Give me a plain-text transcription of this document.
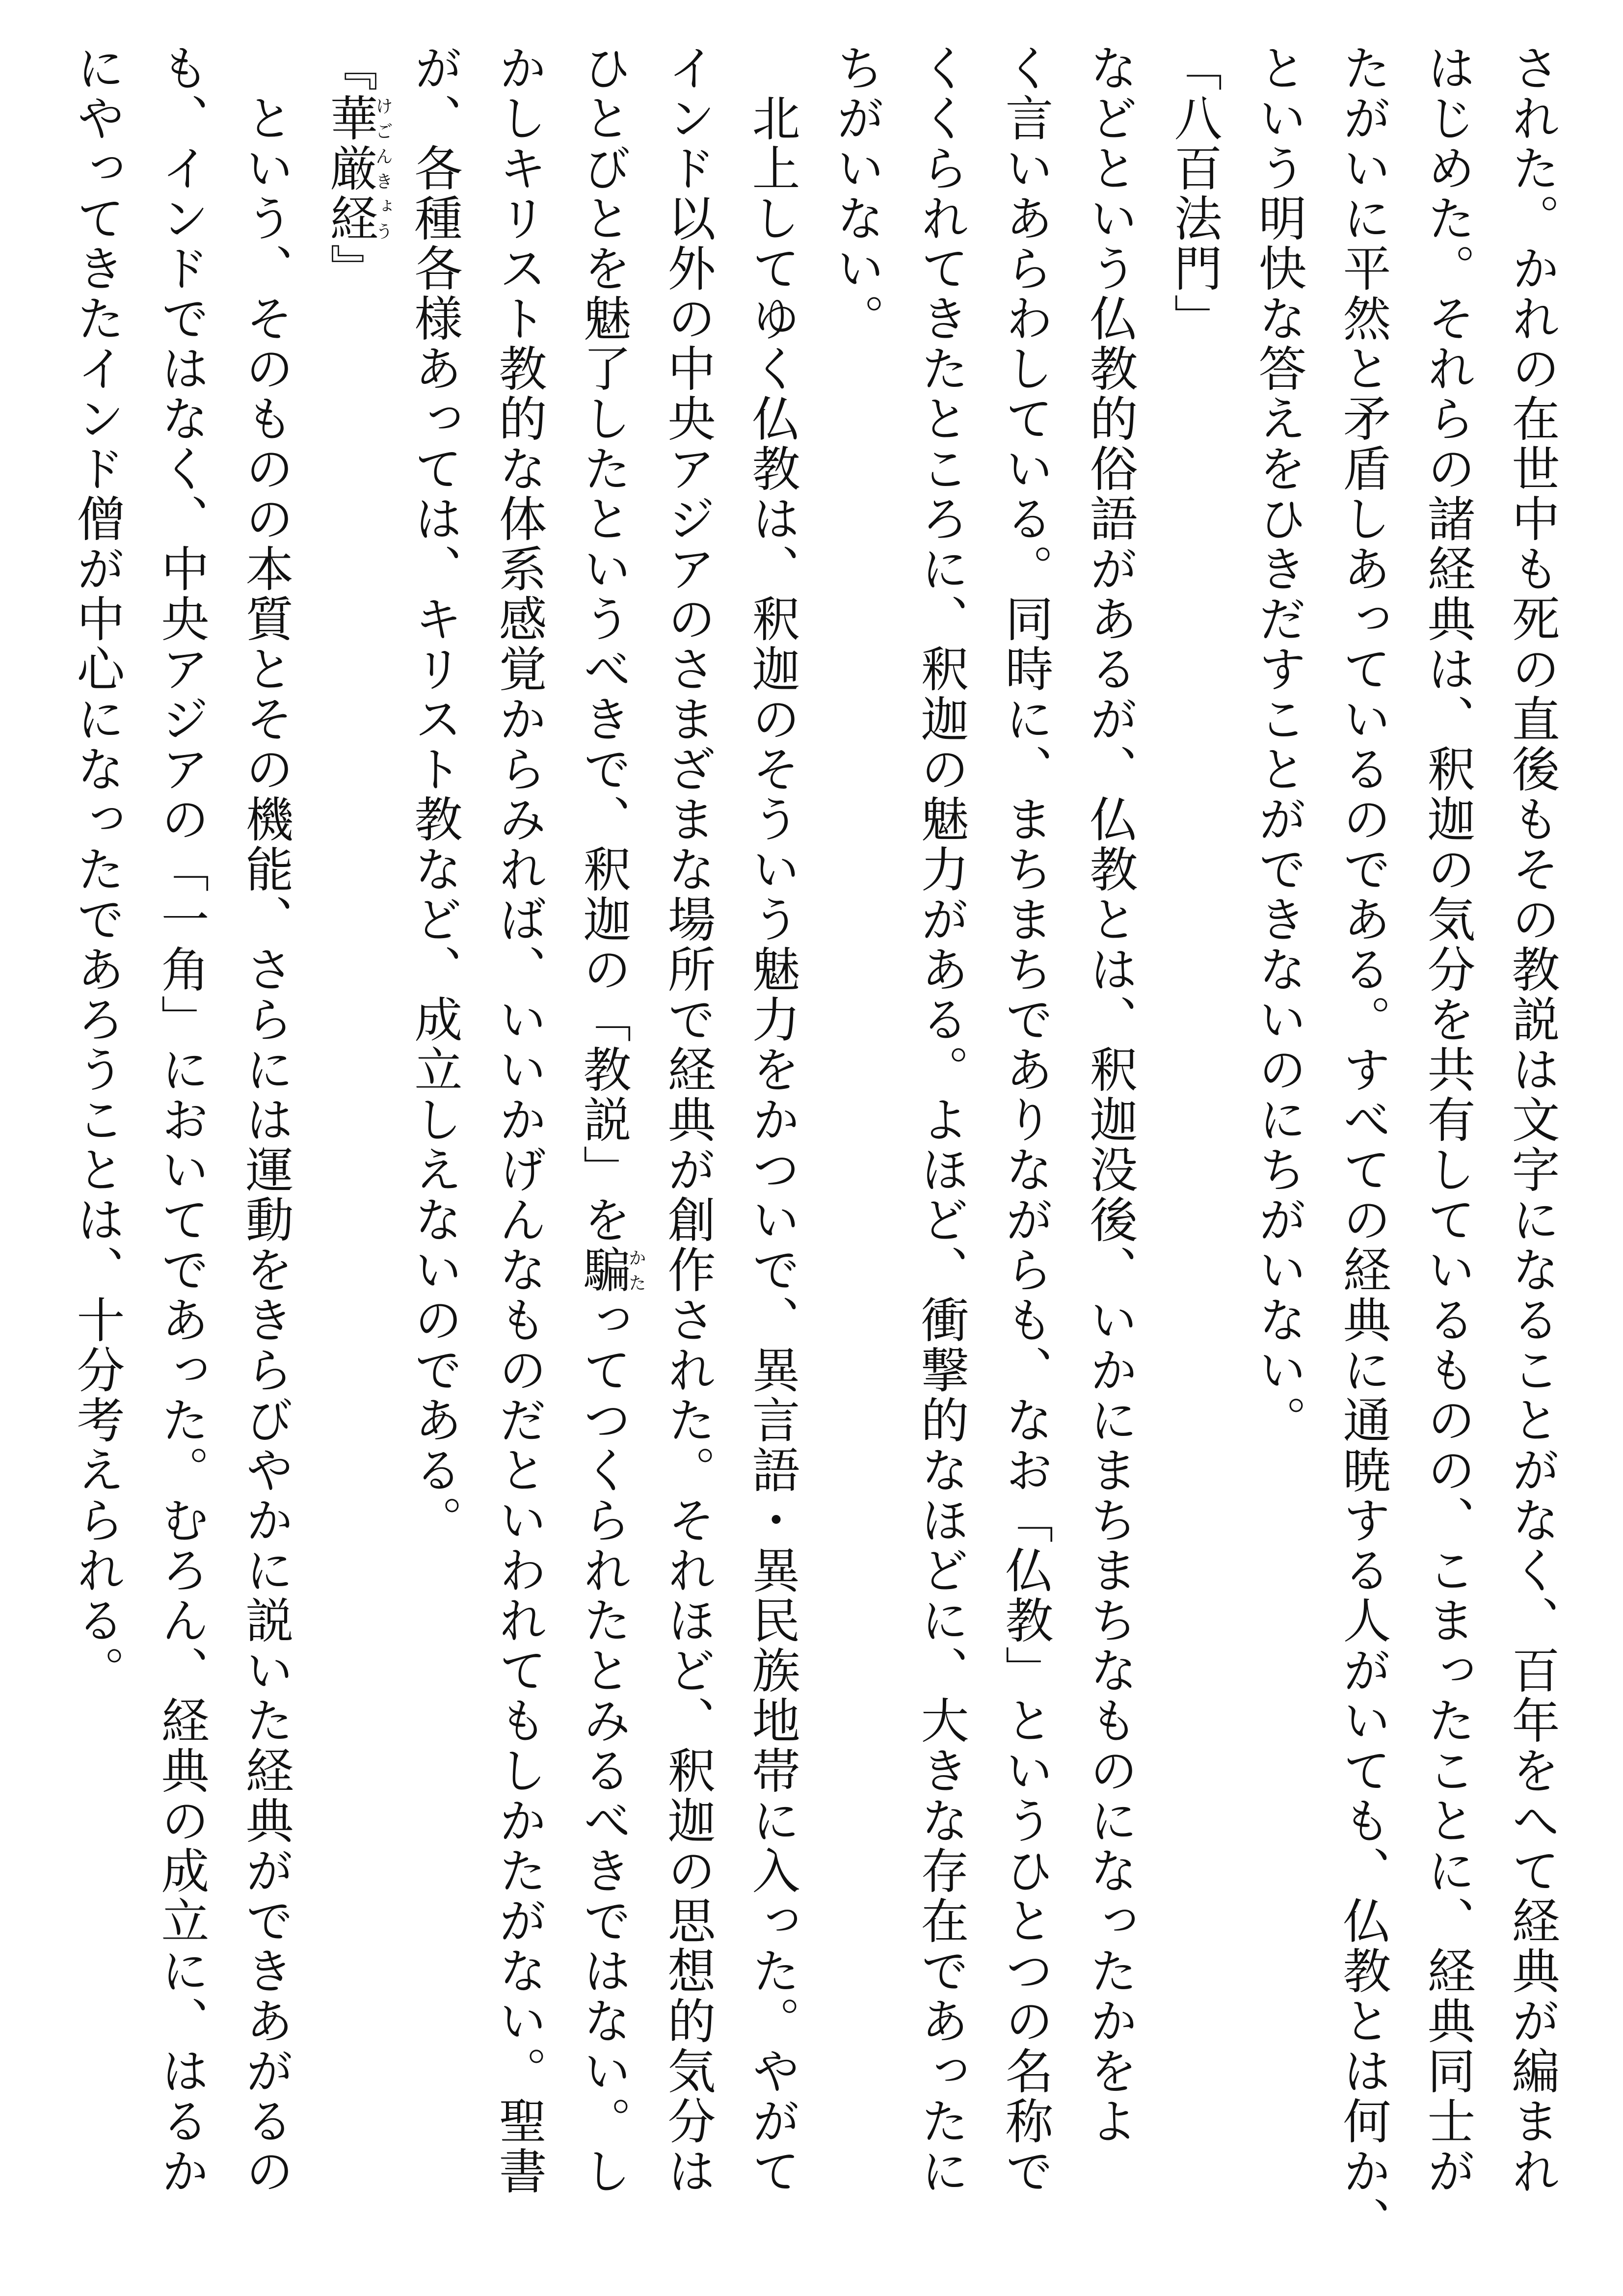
された。かれの在世中も死の直後もその教説は文字になることがなく、百年をへて経典が編まれ
はじめた。それらの諸経典は、釈迦の気分を共有しているものの、こまったことに、経典同士が
たがいに平然と矛盾しあっているのである。すべての経典に通暁する人がいても、仏教とは何か、
という明快な答えをひきだすことができないのにちがいない。
「八百法門」
などという仏教的俗語があるが、仏教とは、釈迦没後、いかにまちまちなものになったかをよ
く言いあらわしている。同時に、まちまちでありながらも、なお「仏教」というひとつの名称で
くくられてきたところに、釈迦の魅力がある。よほど、衝撃的なほどに、大きな存在であったに
ちがいない。
北上してゆく仏教は、釈迦のそういう魅力をかついで、異言語・異民族地帯に入った。やがて
インド以外の中央アジアのさまざまな場所で経典が創作された。それほど、釈迦の思想的気分は
ひとびとを魅了したというべきで、釈迦の「教説」を騙かたってつくられたとみるべきではない。し
かしキリスト教的な体系感覚からみれば、いいかげんなものだといわれてもしかたがない。聖書
が、各種各様あっては、キリスト教など、成立しえないのである。
『華厳経けごんきょう』
という、そのものの本質とその機能、さらには運動をきらびやかに説いた経典ができあがるの
も、インドではなく、中央アジアの「一角」においてであった。むろん、経典の成立に、はるか
にやってきたインド僧が中心になったであろうことは、十分考えられる。
